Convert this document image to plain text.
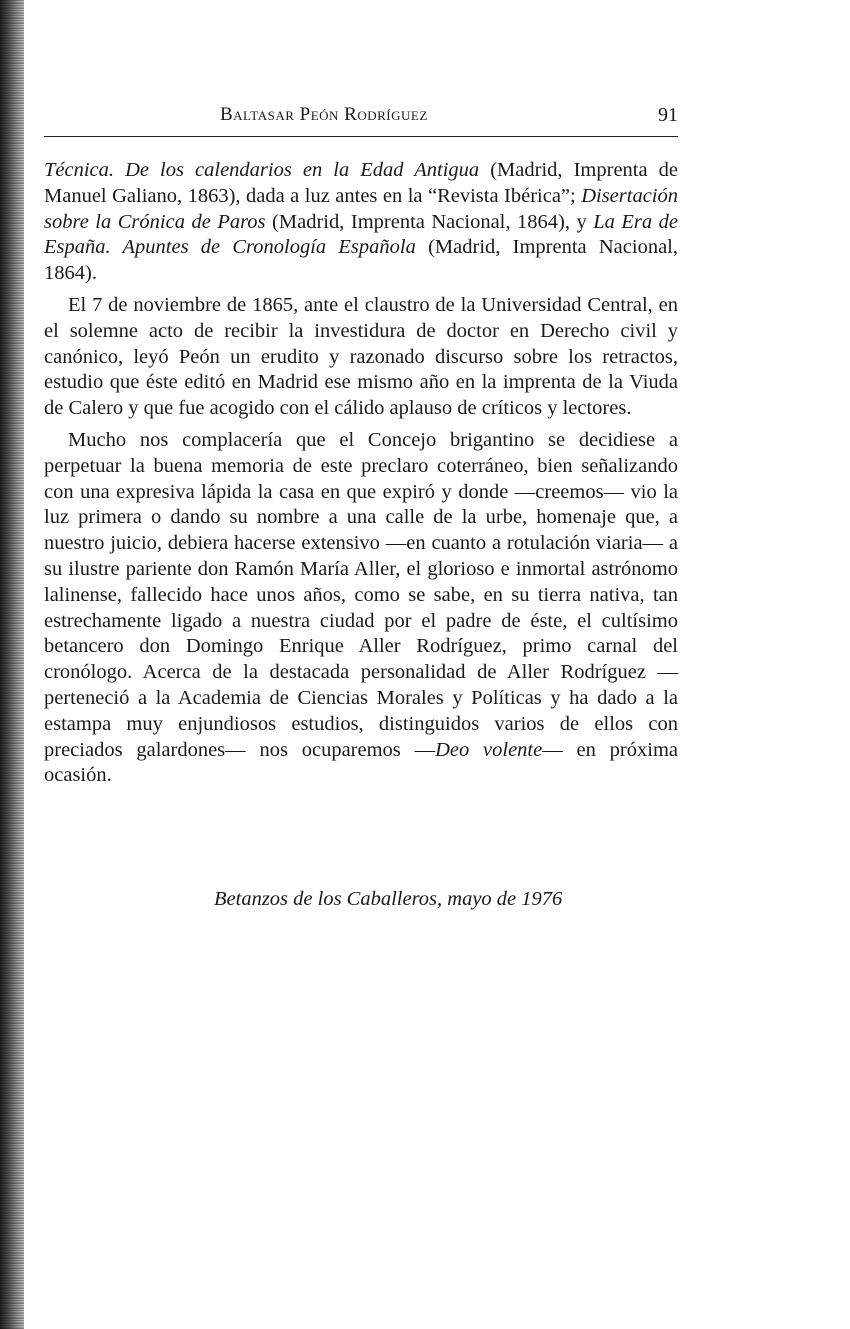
Baltasar Peón Rodríguez	91

Técnica. De los calendarios en la Edad Antigua (Madrid, Imprenta de Manuel Galiano, 1863), dada a luz antes en la “Revista Ibérica”; Disertación sobre la Crónica de Paros (Madrid, Imprenta Nacional, 1864), y La Era de España. Apuntes de Cronología Española (Madrid, Imprenta Nacional, 1864).

El 7 de noviembre de 1865, ante el claustro de la Universidad Central, en el solemne acto de recibir la investidura de doctor en Derecho civil y canónico, leyó Peón un erudito y razonado discurso sobre los retractos, estudio que éste editó en Madrid ese mismo año en la imprenta de la Viuda de Calero y que fue acogido con el cálido aplauso de críticos y lectores.

Mucho nos complacería que el Concejo brigantino se decidiese a perpetuar la buena memoria de este preclaro coterráneo, bien señalizando con una expresiva lápida la casa en que expiró y donde —creemos— vio la luz primera o dando su nombre a una calle de la urbe, homenaje que, a nuestro juicio, debiera hacerse extensivo —en cuanto a rotulación viaria— a su ilustre pariente don Ramón María Aller, el glorioso e inmortal astrónomo lalinense, fallecido hace unos años, como se sabe, en su tierra nativa, tan estrechamente ligado a nuestra ciudad por el padre de éste, el cultísimo betancero don Domingo Enrique Aller Rodríguez, primo carnal del cronólogo. Acerca de la destacada personalidad de Aller Rodríguez —perteneció a la Academia de Ciencias Morales y Políticas y ha dado a la estampa muy enjundiosos estudios, distinguidos varios de ellos con preciados galardones— nos ocuparemos —Deo volente— en próxima ocasión.

Betanzos de los Caballeros, mayo de 1976
